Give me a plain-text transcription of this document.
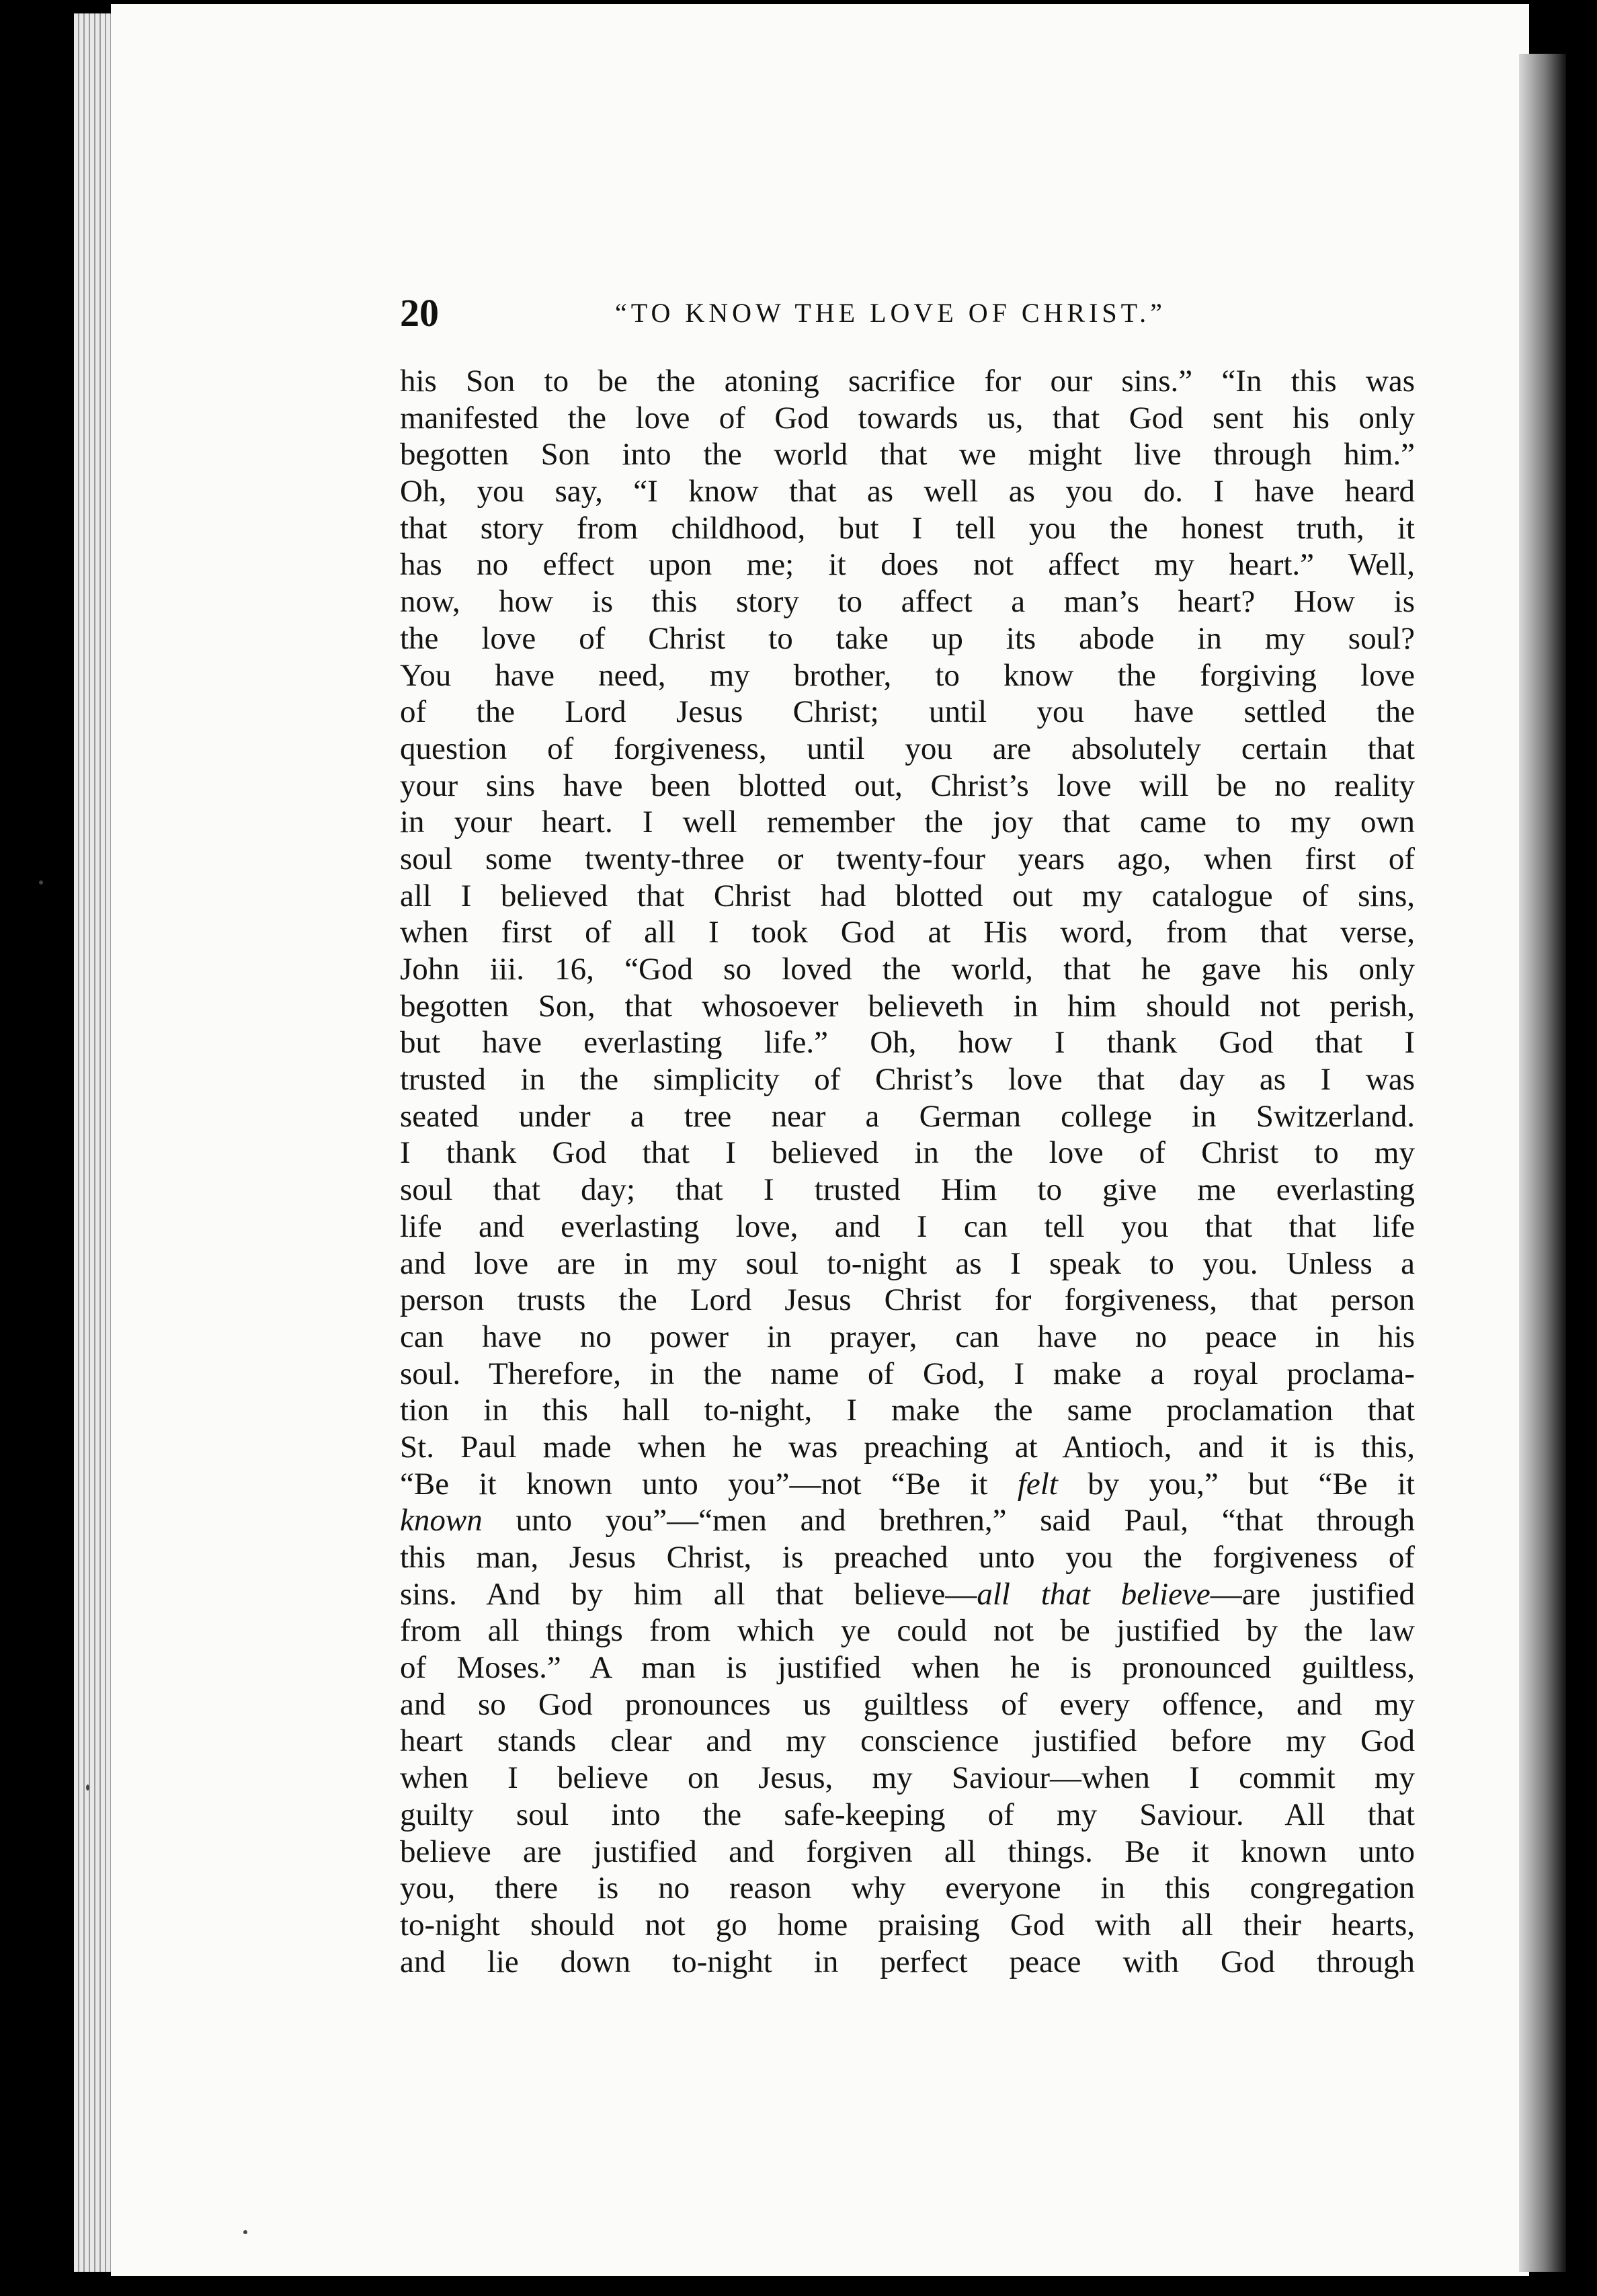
20	“TO KNOW THE LOVE OF CHRIST.”
his Son to be the atoning sacrifice for our sins.” “In this was
manifested the love of God towards us, that God sent his only
begotten Son into the world that we might live through him.”
Oh, you say, “I know that as well as you do. I have heard
that story from childhood, but I tell you the honest truth, it
has no effect upon me; it does not affect my heart.” Well,
now, how is this story to affect a man’s heart? How is
the love of Christ to take up its abode in my soul?
You have need, my brother, to know the forgiving love
of the Lord Jesus Christ; until you have settled the
question of forgiveness, until you are absolutely certain that
your sins have been blotted out, Christ’s love will be no reality
in your heart. I well remember the joy that came to my own
soul some twenty-three or twenty-four years ago, when first of
all I believed that Christ had blotted out my catalogue of sins,
when first of all I took God at His word, from that verse,
John iii. 16, “God so loved the world, that he gave his only
begotten Son, that whosoever believeth in him should not perish,
but have everlasting life.” Oh, how I thank God that I
trusted in the simplicity of Christ’s love that day as I was
seated under a tree near a German college in Switzerland.
I thank God that I believed in the love of Christ to my
soul that day; that I trusted Him to give me everlasting
life and everlasting love, and I can tell you that that life
and love are in my soul to-night as I speak to you. Unless a
person trusts the Lord Jesus Christ for forgiveness, that person
can have no power in prayer, can have no peace in his
soul. Therefore, in the name of God, I make a royal proclama-
tion in this hall to-night, I make the same proclamation that
St. Paul made when he was preaching at Antioch, and it is this,
“Be it known unto you”—not “Be it felt by you,” but “Be it
known unto you”—“men and brethren,” said Paul, “that through
this man, Jesus Christ, is preached unto you the forgiveness of
sins. And by him all that believe—all that believe—are justified
from all things from which ye could not be justified by the law
of Moses.” A man is justified when he is pronounced guiltless,
and so God pronounces us guiltless of every offence, and my
heart stands clear and my conscience justified before my God
when I believe on Jesus, my Saviour—when I commit my
guilty soul into the safe-keeping of my Saviour. All that
believe are justified and forgiven all things. Be it known unto
you, there is no reason why everyone in this congregation
to-night should not go home praising God with all their hearts,
and lie down to-night in perfect peace with God through
